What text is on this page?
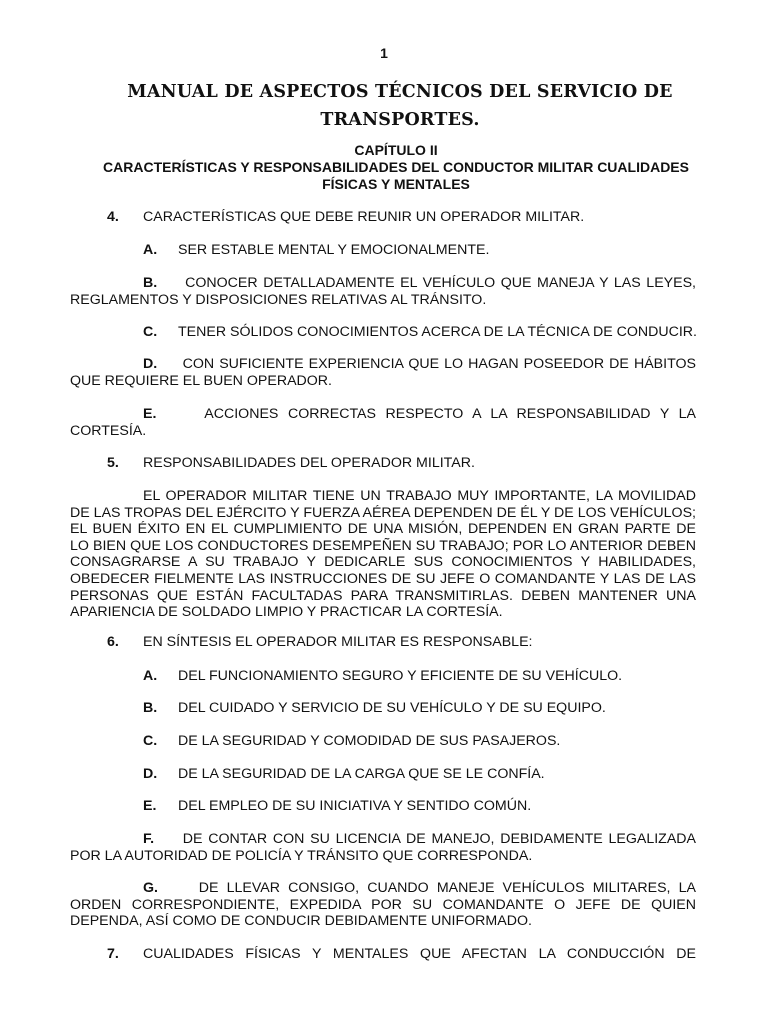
1
MANUAL DE ASPECTOS TÉCNICOS DEL SERVICIO DE
TRANSPORTES.
CAPÍTULO II
CARACTERÍSTICAS Y RESPONSABILIDADES DEL CONDUCTOR MILITAR CUALIDADES
FÍSICAS Y MENTALES
4. CARACTERÍSTICAS QUE DEBE REUNIR UN OPERADOR MILITAR.
A. SER ESTABLE MENTAL Y EMOCIONALMENTE.
B. CONOCER DETALLADAMENTE EL VEHÍCULO QUE MANEJA Y LAS LEYES, REGLAMENTOS Y DISPOSICIONES RELATIVAS AL TRÁNSITO.
C. TENER SÓLIDOS CONOCIMIENTOS ACERCA DE LA TÉCNICA DE CONDUCIR.
D. CON SUFICIENTE EXPERIENCIA QUE LO HAGAN POSEEDOR DE HÁBITOS QUE REQUIERE EL BUEN OPERADOR.
E.	ACCIONES CORRECTAS RESPECTO A LA RESPONSABILIDAD Y LA CORTESÍA.
5. RESPONSABILIDADES DEL OPERADOR MILITAR.
EL OPERADOR MILITAR TIENE UN TRABAJO MUY IMPORTANTE, LA MOVILIDAD DE LAS TROPAS DEL EJÉRCITO Y FUERZA AÉREA DEPENDEN DE ÉL Y DE LOS VEHÍCULOS; EL BUEN ÉXITO EN EL CUMPLIMIENTO DE UNA MISIÓN, DEPENDEN EN GRAN PARTE DE LO BIEN QUE LOS CONDUCTORES DESEMPEÑEN SU TRABAJO; POR LO ANTERIOR DEBEN CONSAGRARSE A SU TRABAJO Y DEDICARLE SUS CONOCIMIENTOS Y HABILIDADES, OBEDECER FIELMENTE LAS INSTRUCCIONES DE SU JEFE O COMANDANTE Y LAS DE LAS PERSONAS QUE ESTÁN FACULTADAS PARA TRANSMITIRLAS. DEBEN MANTENER UNA APARIENCIA DE SOLDADO LIMPIO Y PRACTICAR LA CORTESÍA.
6. EN SÍNTESIS EL OPERADOR MILITAR ES RESPONSABLE:
A. DEL FUNCIONAMIENTO SEGURO Y EFICIENTE DE SU VEHÍCULO.
B. DEL CUIDADO Y SERVICIO DE SU VEHÍCULO Y DE SU EQUIPO.
C. DE LA SEGURIDAD Y COMODIDAD DE SUS PASAJEROS.
D. DE LA SEGURIDAD DE LA CARGA QUE SE LE CONFÍA.
E. DEL EMPLEO DE SU INICIATIVA Y SENTIDO COMÚN.
F. DE CONTAR CON SU LICENCIA DE MANEJO, DEBIDAMENTE LEGALIZADA POR LA AUTORIDAD DE POLICÍA Y TRÁNSITO QUE CORRESPONDA.
G.	DE LLEVAR CONSIGO, CUANDO MANEJE VEHÍCULOS MILITARES, LA ORDEN CORRESPONDIENTE, EXPEDIDA POR SU COMANDANTE O JEFE DE QUIEN DEPENDA, ASÍ COMO DE CONDUCIR DEBIDAMENTE UNIFORMADO.
7. CUALIDADES FÍSICAS Y MENTALES QUE AFECTAN LA CONDUCCIÓN DE
